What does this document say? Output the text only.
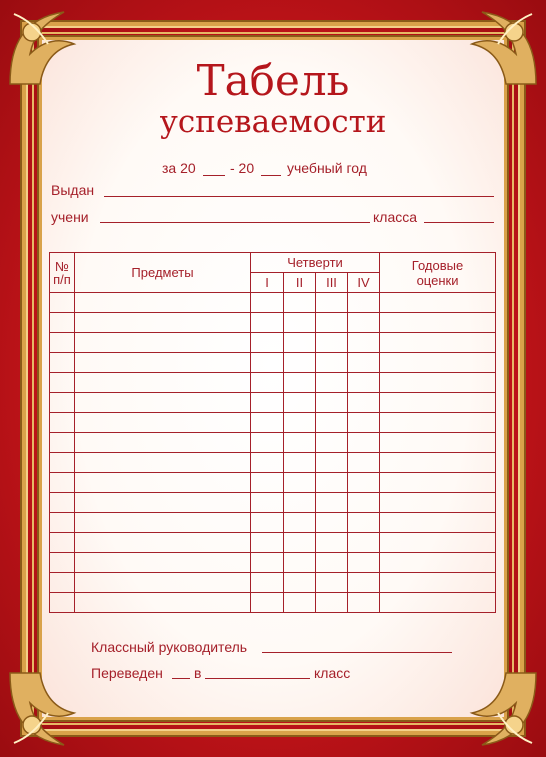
Табель
успеваемости
за 20 - 20 учебный год
Выдан
учени	класса
№ п/п	Предметы	Четверти				Годовые
оценки
		I	II	III	IV	

Классный руководитель
Переведен в	класс
